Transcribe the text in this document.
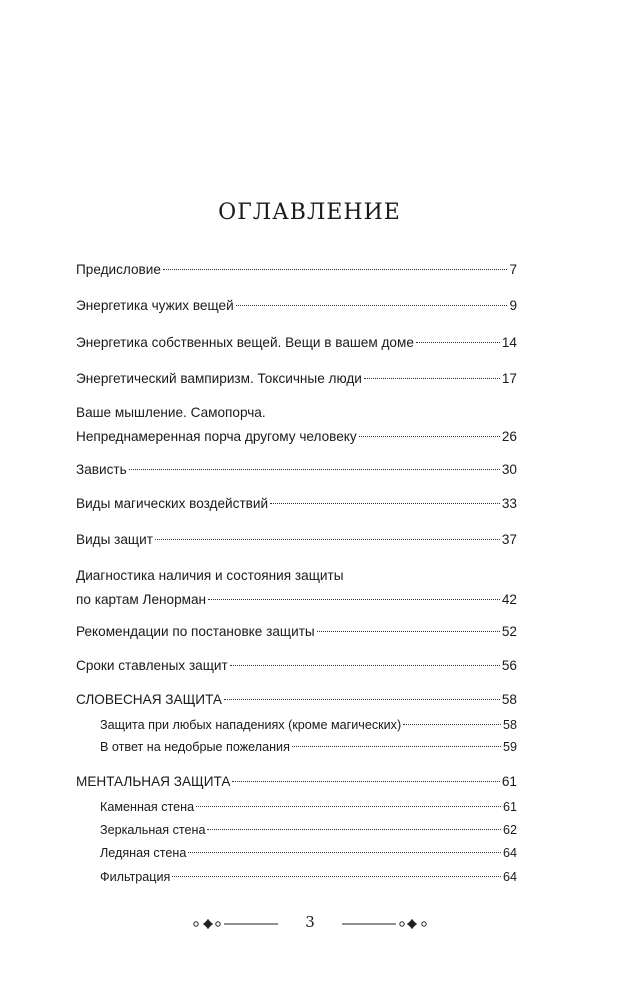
ОГЛАВЛЕНИЕ
Предисловие	7
Энергетика чужих вещей	9
Энергетика собственных вещей. Вещи в вашем доме	14
Энергетический вампиризм. Токсичные люди	17
Ваше мышление. Самопорча.
Непреднамеренная порча другому человеку	26
Зависть	30
Виды магических воздействий	33
Виды защит	37
Диагностика наличия и состояния защиты
по картам Ленорман	42
Рекомендации по постановке защиты	52
Сроки ставленых защит	56
СЛОВЕСНАЯ ЗАЩИТА	58
Защита при любых нападениях (кроме магических)	58
В ответ на недобрые пожелания	59
МЕНТАЛЬНАЯ ЗАЩИТА	61
Каменная стена	61
Зеркальная стена	62
Ледяная стена	64
Фильтрация	64
3
